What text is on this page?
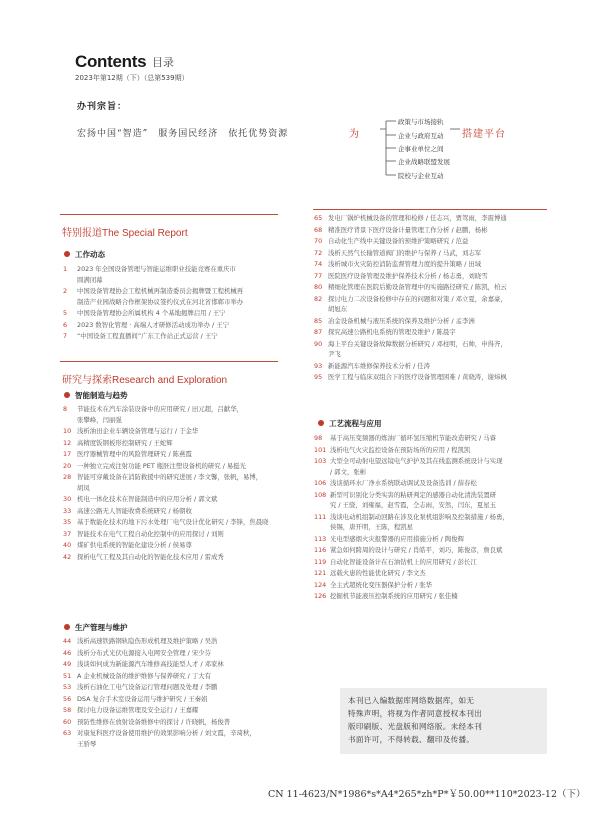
Contents 目录
2023年第12期（下）（总第539期）
办刊宗旨：
宏扬中国“智造” 服务国民经济 依托优势资源	为
政策与市场接轨
企业与政府互动
企事业单位之间
企业战略联盟发展
院校与企业互动
搭建平台
特别报道The Special Report
工作动态
1	2023 年全国设备管理与智能运维职业技能竞赛在重庆市
圆满闭幕
2	中国设备管理协会工程机械再制造委员会揭牌暨工程机械再
制造产业园战略合作框架协议签约仪式在河北省邯郸市举办
5	中国设备管理协会所属机构 4 个基地揭牌启用 / 王宁
6	2023 数智化管理 · 高端人才研修活动成功举办 / 王宁
7	“中国设备工程直播间”广东工作站正式运营 / 王宁
研究与探索Research and Exploration
智能制造与趋势
8	节能技术在汽车涂装设备中的应用研究 / 田元超，吕献华，
张攀峰，闫丽强
10 浅析油田企业车辆设备管理与运行 / 于金华
12 高精度钣钢板形控制研究 / 王蛇辉
17 医疗器械管理中的风险管理研究 / 陈燕霞
20 一种独立完成注射功能 PET 瓶胚注塑设备机的研究 / 易挺光
28 智能可穿戴设备在消防救援中的研究进展 / 李文馨，张帆，易博，
胡凤
30 机电一体化技术在智能制造中的应用分析 / 郭文斌
33 高速公路无人智能收费系统研究 / 杨朝收
35 基于数能化技术的地下污水处理厂电气设计优化研究 / 李锋，焦晨晓
37 智能技术在电气工程自动化控制中的应用探讨 / 刘则
40 煤矿供电系统的智能化建设分析 / 侯易尊
42 探析电气工程及其自动化的智能化技术应用 / 雷成秀
生产管理与维护
44 浅析高速铁路钢轨隐伤形成机理及维护策略 / 吴浩
46 浅析分布式光伏电源接入电网安全管理 / 宋少芬
49 浅谈如何成为新能源汽车维修高技能型人才 / 邓家林
51 A 企业机械设备的维护维修与保养研究 / 丁大有
53 浅析石油化工电气设备运行管理问题及处理 / 李鹏
56 DSA 复合手术室设备运用与维护研究 / 王秦娟
58 探讨电力设备运维管理及安全运行 / 王嘉耀
60 预防性维修在放射设备维修中的探讨 / 许晓帆，杨俊普
63 对康复科医疗设备使用维护的效果影响分析 / 刘文霞，辛琦秋，
王骄琴
65 发电厂锅炉机械设备的管理和检修 / 任志兴，贾驾雨，李震博通
68 精准医疗背景下医疗设备计量管理工作分析 / 赵鹏，杨彬
70 自动化生产线中关键设备的预维护策略研究 / 范益
72 浅析天然气长输管道阀门的维护与保养 / 马武，刘志军
74 浅析城市火灾防控消防监督管理力度的提升策略 / 田域
77 医院医疗设备管理及维护保养技术分析 / 杨志勇，刘晓雪
80 精细化管理在医院后勤设备管理中的实施路径研究 / 陈凯，柏云
82 探讨电力二次设备检修中存在的问题和对策 / 邓立夏，余嘉豪，
胡旭东
85 冶金设备机械与液压系统的保养及维护分析 / 孟李洲
87 探究高速公路机电系统的管理及维护 / 陈晨宇
90 海上平台关键设备故障数据分析研究 / 邓柱明，石帅，申得齐，
尹飞
93 新能源汽车维修保养技术分析 / 任涛
95 医学工程与临床双组合下的医疗设备管理困难 / 黄晓涛，谢炜枫
工艺流程与应用
98	基于高压变频器的炼油厂循环氢压缩机节能改造研究 / 马睿
101 浅析电气火灾监控设备在预防场所的应用 / 程凯凯
103 大型全可动射电望远镜电气护护及其在线监测系统设计与实现
/ 郭文，张彬
106 浅谈循环水厂净水系统联动调试及设备选训 / 薛春松
108 新型可识别化分类实害的粘研判定的感器自动化清洗装置研
究 / 王骁，刘雍福，赵雪霞，仝志雨，安然，闫东，夏星玉
111 浅谈电动机组制动回路在涉及化泵机组影响及控制措施 / 杨勇，
侯锡，唐开明，王陈，程凯星
113 光电型感烟火灾报警器的应用措施分析 / 陶俊辉
116 紧急如何跨周的设计与研究 / 肖皓平，刘巧，陈俊彦，詹良斌
119 自动化智能设备计在石油钻机上的应用研究 / 彭长江
121 远载火患的性能优化研究 / 李文杰
124 全主式超统化变压器保护分析 / 张华
126 挖掘机节能液压控制系统的应用研究 / 张佳楠
本刊已入编数据库网络数据库，如无
特殊声明，将视为作者同意授权本刊出
版印刷版、光盘版和网络版。未经本刊
书面许可，不得转载、翻印及传播。
CN 11-4623/N*1986*s*A4*265*zh*P*￥50.00**110*2023-12（下）
